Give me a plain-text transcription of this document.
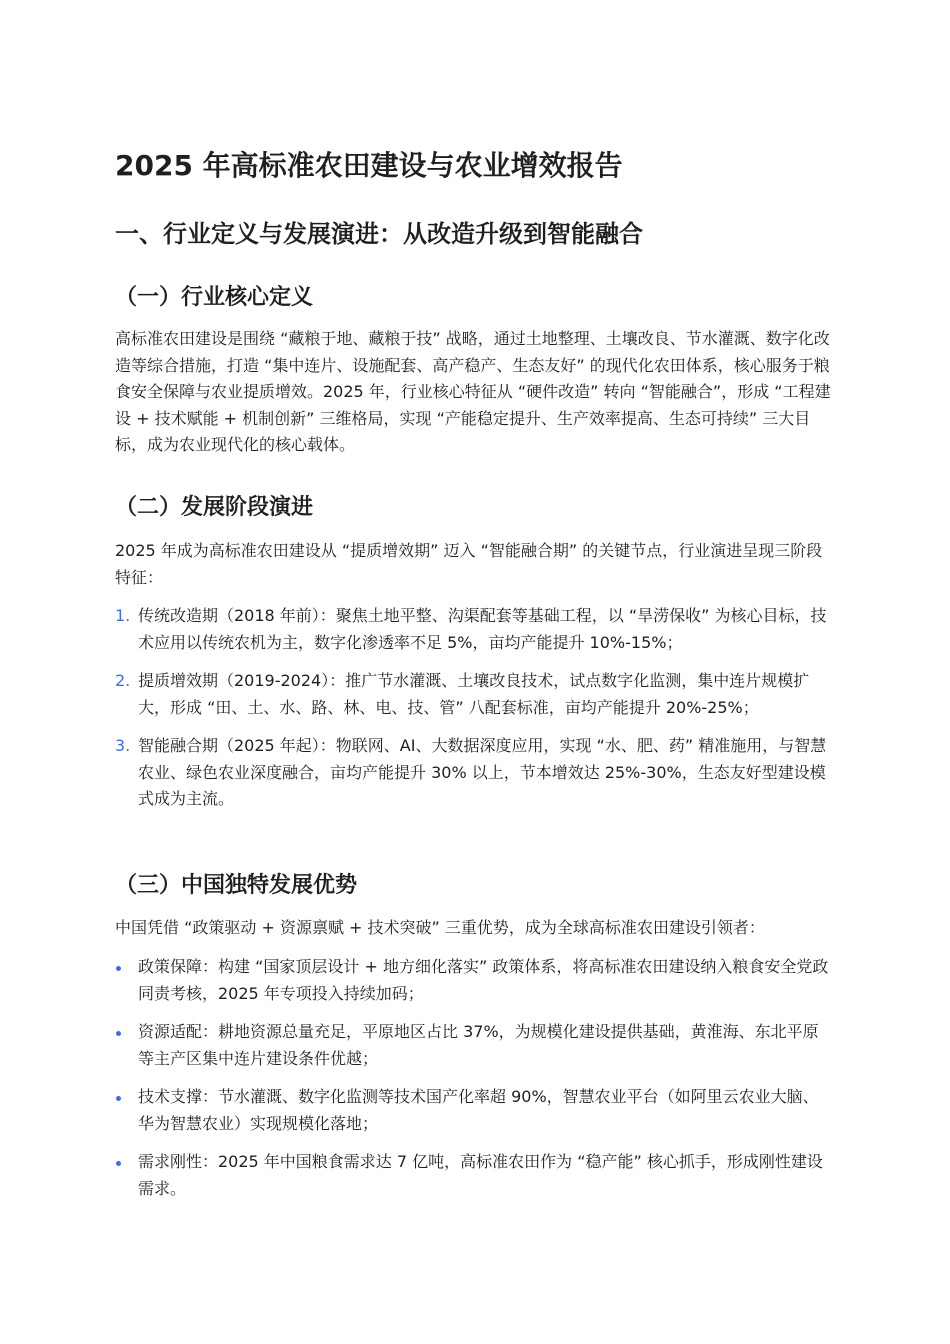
2025 年高标准农田建设与农业增效报告
一、行业定义与发展演进：从改造升级到智能融合
（一）行业核心定义

高标准农田建设是围绕 “藏粮于地、藏粮于技” 战略，通过土地整理、土壤改良、节水灌溉、数字化改造等综合措施，打造 “集中连片、设施配套、高产稳产、生态友好” 的现代化农田体系，核心服务于粮食安全保障与农业提质增效。2025 年，行业核心特征从 “硬件改造” 转向 “智能融合”，形成 “工程建设 + 技术赋能 + 机制创新” 三维格局，实现 “产能稳定提升、生产效率提高、生态可持续” 三大目标，成为农业现代化的核心载体。

（二）发展阶段演进

2025 年成为高标准农田建设从 “提质增效期” 迈入 “智能融合期” 的关键节点，行业演进呈现三阶段特征：

1. 传统改造期（2018 年前）：聚焦土地平整、沟渠配套等基础工程，以 “旱涝保收” 为核心目标，技术应用以传统农机为主，数字化渗透率不足 5%，亩均产能提升 10%-15%；
2. 提质增效期（2019-2024）：推广节水灌溉、土壤改良技术，试点数字化监测，集中连片规模扩大，形成 “田、土、水、路、林、电、技、管” 八配套标准，亩均产能提升 20%-25%；
3. 智能融合期（2025 年起）：物联网、AI、大数据深度应用，实现 “水、肥、药” 精准施用，与智慧农业、绿色农业深度融合，亩均产能提升 30% 以上，节本增效达 25%-30%，生态友好型建设模式成为主流。
（三）中国独特发展优势

中国凭借 “政策驱动 + 资源禀赋 + 技术突破” 三重优势，成为全球高标准农田建设引领者：

政策保障：构建 “国家顶层设计 + 地方细化落实” 政策体系，将高标准农田建设纳入粮食安全党政同责考核，2025 年专项投入持续加码；
资源适配：耕地资源总量充足，平原地区占比 37%，为规模化建设提供基础，黄淮海、东北平原等主产区集中连片建设条件优越；
技术支撑：节水灌溉、数字化监测等技术国产化率超 90%，智慧农业平台（如阿里云农业大脑、华为智慧农业）实现规模化落地；
需求刚性：2025 年中国粮食需求达 7 亿吨，高标准农田作为 “稳产能” 核心抓手，形成刚性建设需求。
